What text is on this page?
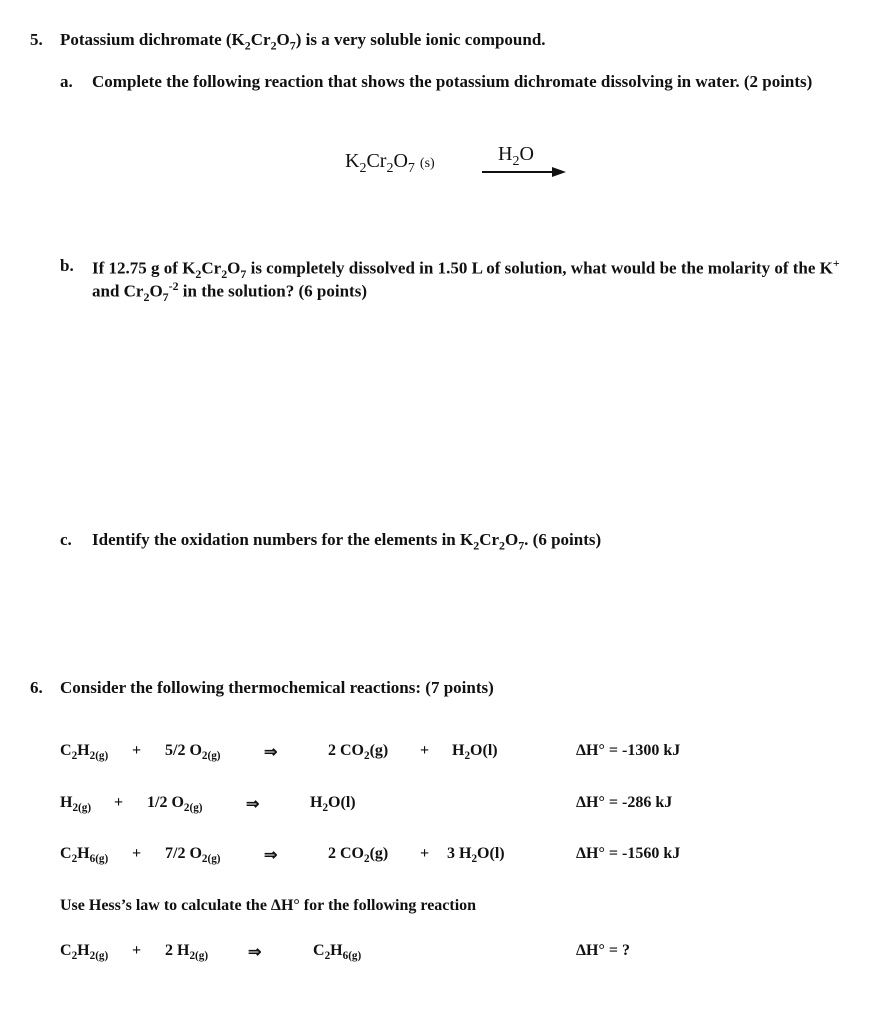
5. Potassium dichromate $(K_2Cr_2O_7)$ is a very soluble ionic compound.
a. Complete the following reaction that shows the potassium dichromate dissolving in water. (2 points)
$K_2Cr_2O_7$ (s)	$H_2O$
b. If 12.75 g of $K_2Cr_2O_7$ is completely dissolved in 1.50 L of solution, what would be the molarity of the K+
and $Cr_2O_7^{-2}$ in the solution? (6 points)
c. Identify the oxidation numbers for the elements in $K_2Cr_2O_7$. (6 points)
6. Consider the following thermochemical reactions: (7 points)
$C_2H_{2(g)} + 5/2$ $O_{2(g)}$	⇒	2 $CO_2(g) + H_2O(l)$	ΔH° = -1300 kJ
$H_{2(g)} + 1/2$ $O_{2(g)}$	⇒	$H_2O(l)$	ΔH° = -286 kJ
$C_2H_{6(g)} + 7/2$ $O_{2(g)}$	⇒	2 $CO_2(g) + 3$ $H_2O(l)$	ΔH° = -1560 kJ
Use Hess’s law to calculate the ΔH° for the following reaction
$C_2H_{2(g)} + 2$ $H_{2(g)}$ ⇒	$C_2H_{6(g)}$	ΔH° = ?
